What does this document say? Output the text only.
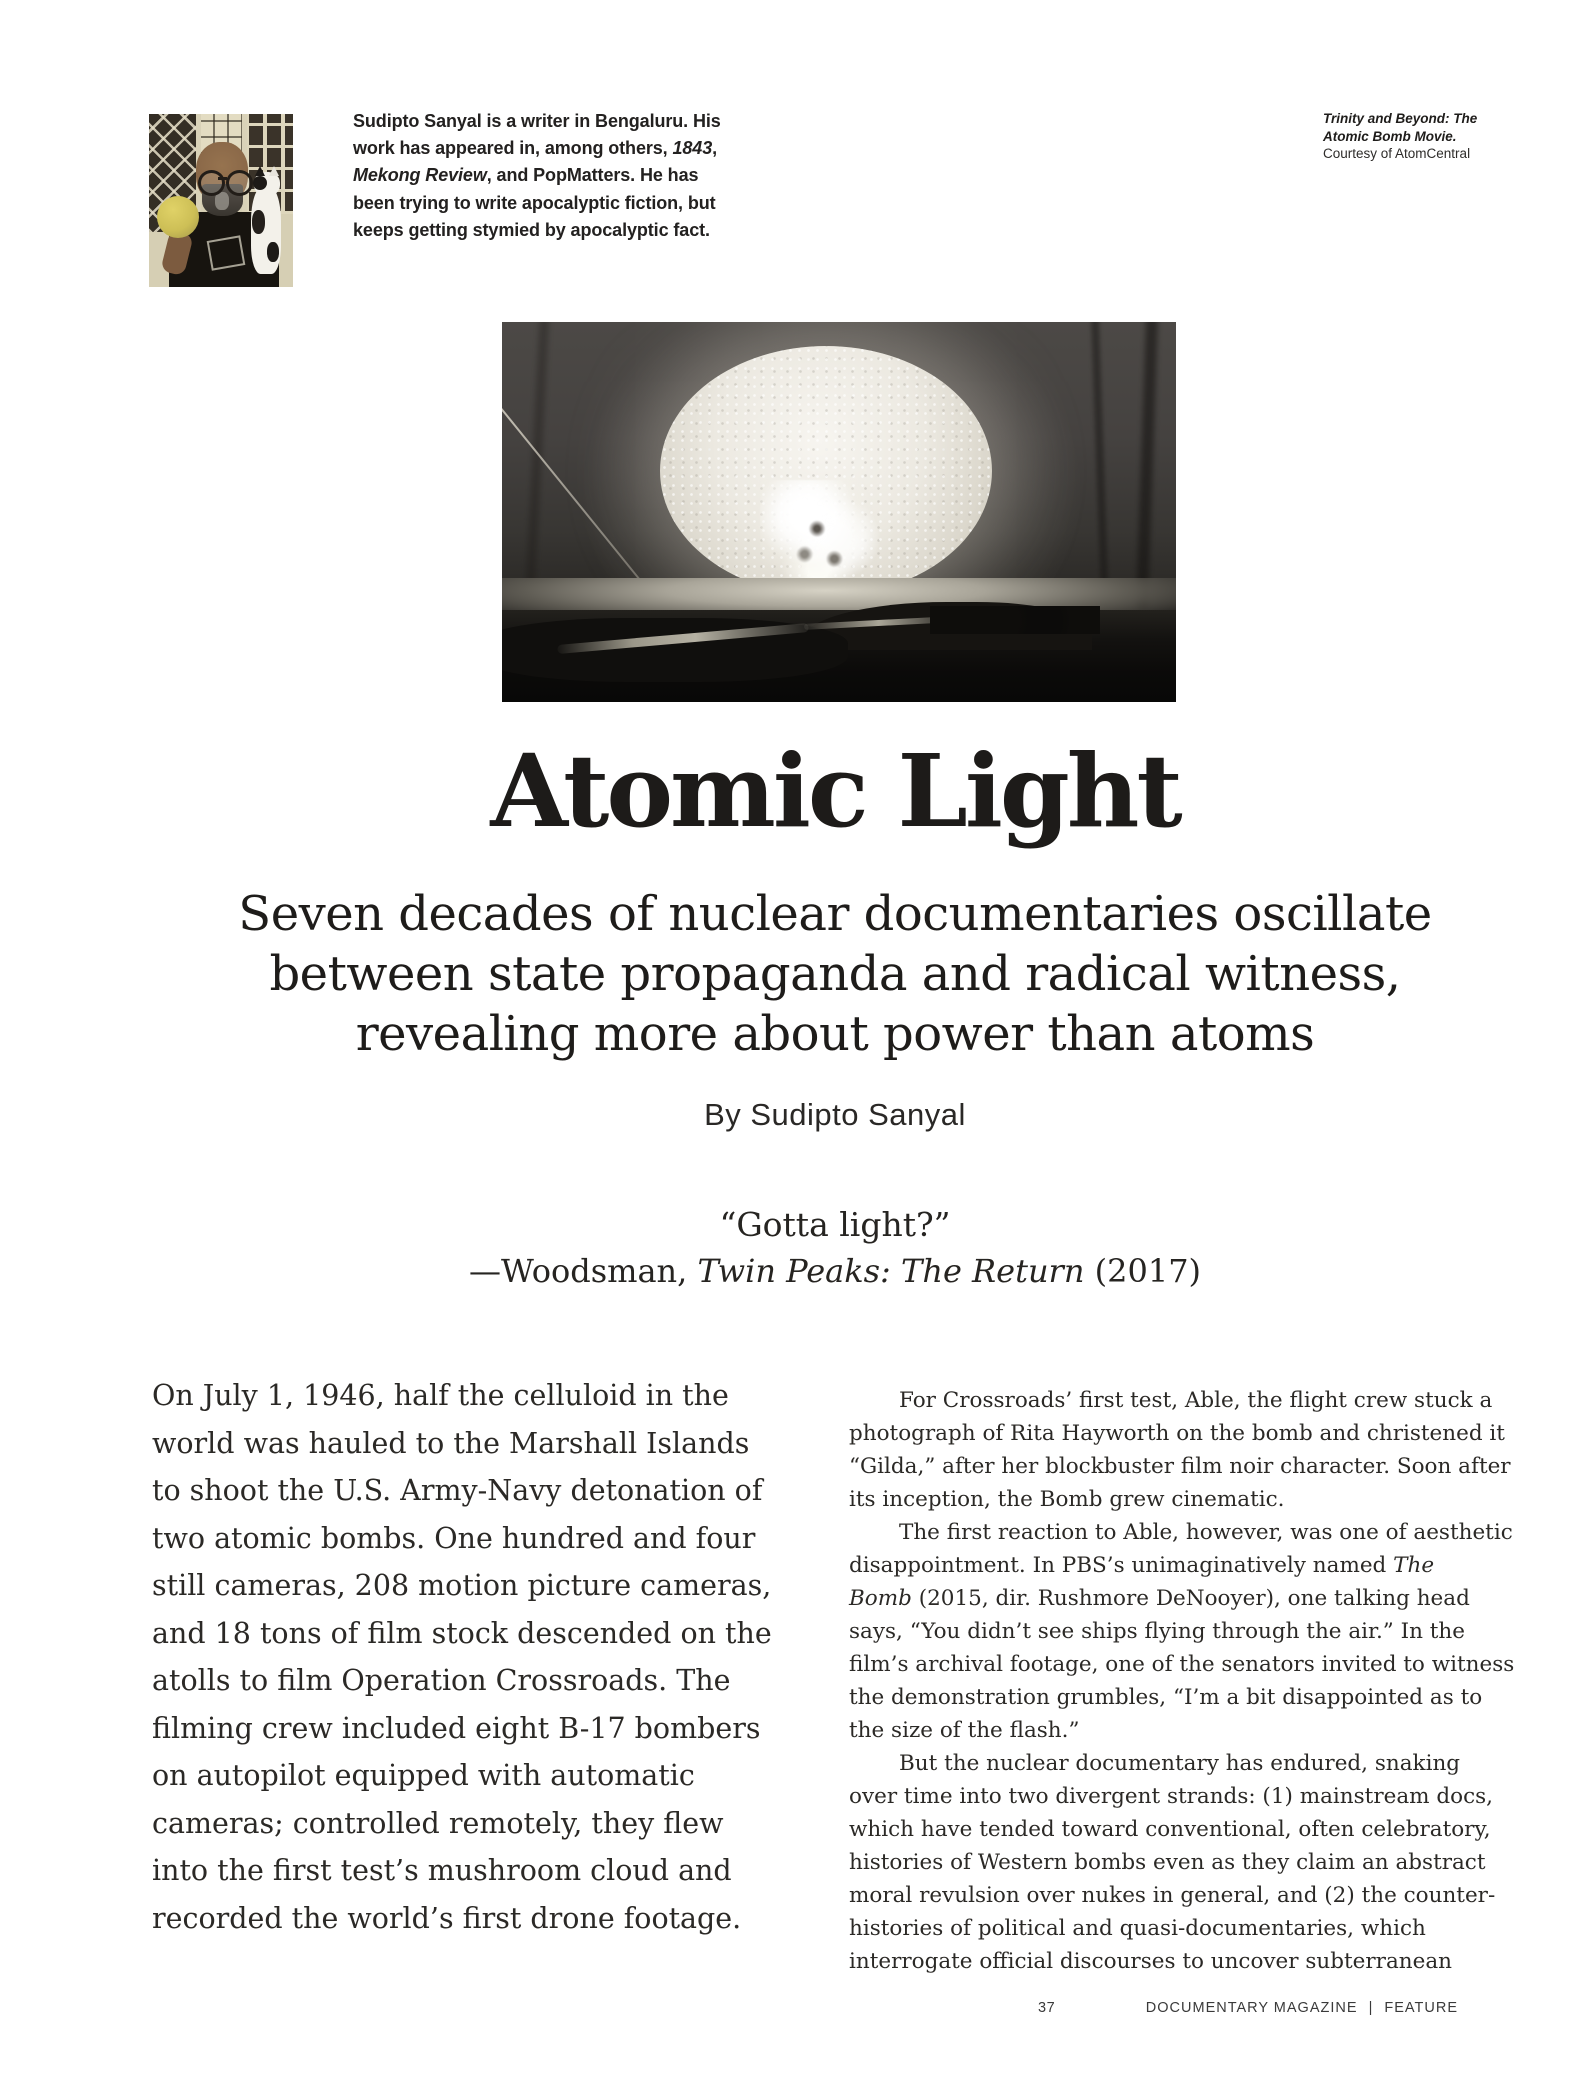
Sudipto Sanyal is a writer in Bengaluru. His
work has appeared in, among others, 1843,
Mekong Review, and PopMatters. He has
been trying to write apocalyptic fiction, but
keeps getting stymied by apocalyptic fact.
Trinity and Beyond: The
Atomic Bomb Movie.
Courtesy of AtomCentral
Atomic Light
Seven decades of nuclear documentaries oscillate
between state propaganda and radical witness,
revealing more about power than atoms
By Sudipto Sanyal
“Gotta light?”
—Woodsman, Twin Peaks: The Return (2017)
On July 1, 1946, half the celluloid in the
world was hauled to the Marshall Islands
to shoot the U.S. Army-Navy detonation of
two atomic bombs. One hundred and four
still cameras, 208 motion picture cameras,
and 18 tons of film stock descended on the
atolls to film Operation Crossroads. The
filming crew included eight B-17 bombers
on autopilot equipped with automatic
cameras; controlled remotely, they flew
into the first test’s mushroom cloud and
recorded the world’s first drone footage.
For Crossroads’ first test, Able, the flight crew stuck a
photograph of Rita Hayworth on the bomb and christened it
“Gilda,” after her blockbuster film noir character. Soon after
its inception, the Bomb grew cinematic.
The first reaction to Able, however, was one of aesthetic
disappointment. In PBS’s unimaginatively named The
Bomb (2015, dir. Rushmore DeNooyer), one talking head
says, “You didn’t see ships flying through the air.” In the
film’s archival footage, one of the senators invited to witness
the demonstration grumbles, “I’m a bit disappointed as to
the size of the flash.”
But the nuclear documentary has endured, snaking
over time into two divergent strands: (1) mainstream docs,
which have tended toward conventional, often celebratory,
histories of Western bombs even as they claim an abstract
moral revulsion over nukes in general, and (2) the counter-
histories of political and quasi-documentaries, which
interrogate official discourses to uncover subterranean
37	DOCUMENTARY MAGAZINE | FEATURE
